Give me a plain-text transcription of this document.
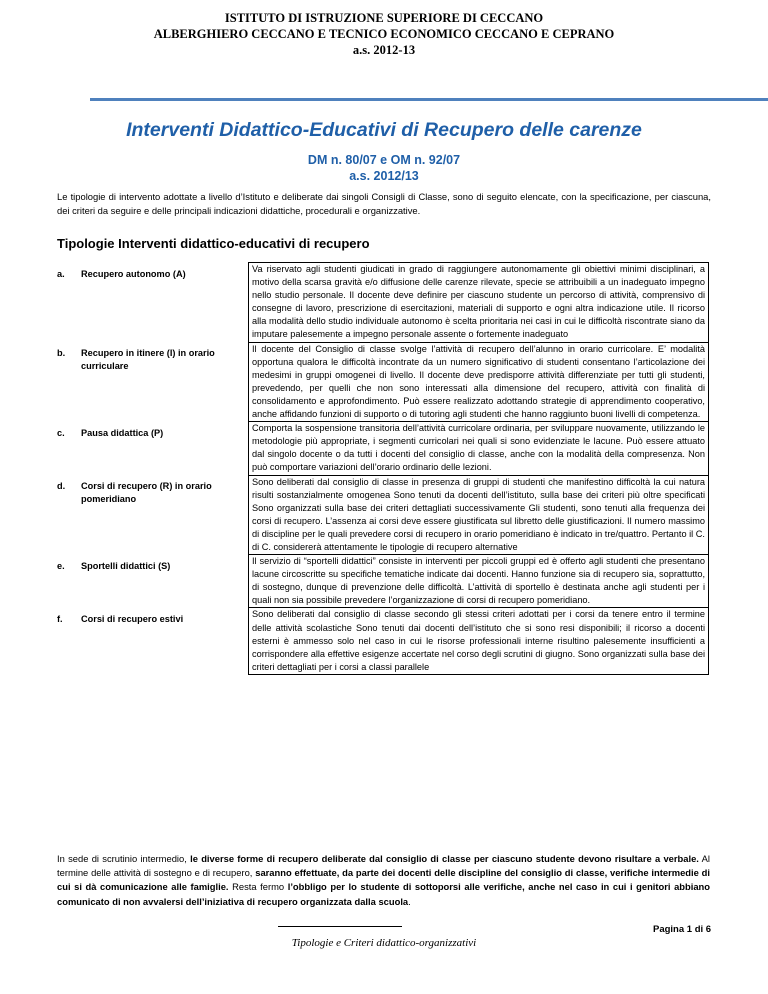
ISTITUTO DI ISTRUZIONE SUPERIORE DI CECCANO
ALBERGHIERO CECCANO E TECNICO ECONOMICO CECCANO E CEPRANO
a.s. 2012-13
Interventi Didattico-Educativi di Recupero delle carenze
DM n. 80/07 e OM n. 92/07
a.s. 2012/13
Le tipologie di intervento adottate a livello d’Istituto e deliberate dai singoli Consigli di Classe, sono di seguito elencate, con la specificazione, per ciascuna, dei criteri da seguire e delle principali indicazioni didattiche, procedurali e organizzative.
Tipologie Interventi didattico-educativi di recupero
a.	Recupero autonomo (A)	Va riservato agli studenti giudicati in grado di raggiungere autonomamente gli obiettivi minimi disciplinari, a motivo della scarsa gravità e/o diffusione delle carenze rilevate, specie se attribuibili a un inadeguato impegno nello studio personale. Il docente deve definire per ciascuno studente un percorso di attività, comprensivo di consegne di lavoro, prescrizione di esercitazioni, materiali di supporto e ogni altra indicazione utile. Il ricorso alla modalità dello studio individuale autonomo è scelta prioritaria nei casi in cui le difficoltà riscontrate siano da imputare palesemente a impegno personale assente o fortemente inadeguato
b.	Recupero in itinere (I) in orario curriculare	Il docente del Consiglio di classe svolge l’attività di recupero dell’alunno in orario curricolare. E’ modalità opportuna qualora le difficoltà incontrate da un numero significativo di studenti consentano l’articolazione dei medesimi in gruppi omogenei di livello. Il docente deve predisporre attività differenziate per tutti gli studenti, prevedendo, per quelli che non sono interessati alla dimensione del recupero, attività con finalità di consolidamento e approfondimento. Può essere realizzato adottando strategie di apprendimento cooperativo, anche affidando funzioni di supporto o di tutoring agli studenti che hanno raggiunto buoni livelli di competenza.
c.	Pausa didattica (P)	Comporta la sospensione transitoria dell’attività curricolare ordinaria, per sviluppare nuovamente, utilizzando le metodologie più appropriate, i segmenti curricolari nei quali si sono evidenziate le lacune. Può essere attuato dal singolo docente o da tutti i docenti del consiglio di classe, anche con la modalità della compresenza. Non può comportare variazioni dell’orario ordinario delle lezioni.
d.	Corsi di recupero (R) in orario pomeridiano	Sono deliberati dal consiglio di classe in presenza di gruppi di studenti che manifestino difficoltà la cui natura risulti sostanzialmente omogenea Sono tenuti da docenti dell’istituto, sulla base dei criteri più oltre specificati Sono organizzati sulla base dei criteri dettagliati successivamente Gli studenti, sono tenuti alla frequenza dei corsi di recupero. L’assenza ai corsi deve essere giustificata sul libretto delle giustificazioni. Il numero massimo di discipline per le quali prevedere corsi di recupero in orario pomeridiano è indicato in tre/quattro. Pertanto il C. di C. considererà attentamente le tipologie di recupero alternative
e.	Sportelli didattici (S)	Il servizio di “sportelli didattici” consiste in interventi per piccoli gruppi ed è offerto agli studenti che presentano lacune circoscritte su specifiche tematiche indicate dai docenti. Hanno funzione sia di recupero sia, soprattutto, di sostegno, dunque di prevenzione delle difficoltà. L’attività di sportello è destinata anche agli studenti per i quali non sia possibile prevedere l’organizzazione di corsi di recupero pomeridiano.
f.	Corsi di recupero estivi	Sono deliberati dal consiglio di classe secondo gli stessi criteri adottati per i corsi da tenere entro il termine delle attività scolastiche Sono tenuti dai docenti dell’istituto che si sono resi disponibili; il ricorso a docenti esterni è ammesso solo nel caso in cui le risorse professionali interne risultino palesemente insufficienti a corrispondere alla effettive esigenze accertate nel corso degli scrutini di giugno. Sono organizzati sulla base dei criteri dettagliati per i corsi a classi parallele
In sede di scrutinio intermedio, le diverse forme di recupero deliberate dal consiglio di classe per ciascuno studente devono risultare a verbale. Al termine delle attività di sostegno e di recupero, saranno effettuate, da parte dei docenti delle discipline del consiglio di classe, verifiche intermedie di cui si dà comunicazione alle famiglie. Resta fermo l’obbligo per lo studente di sottoporsi alle verifiche, anche nel caso in cui i genitori abbiano comunicato di non avvalersi dell’iniziativa di recupero organizzata dalla scuola.
Pagina 1 di 6
Tipologie e Criteri didattico-organizzativi
